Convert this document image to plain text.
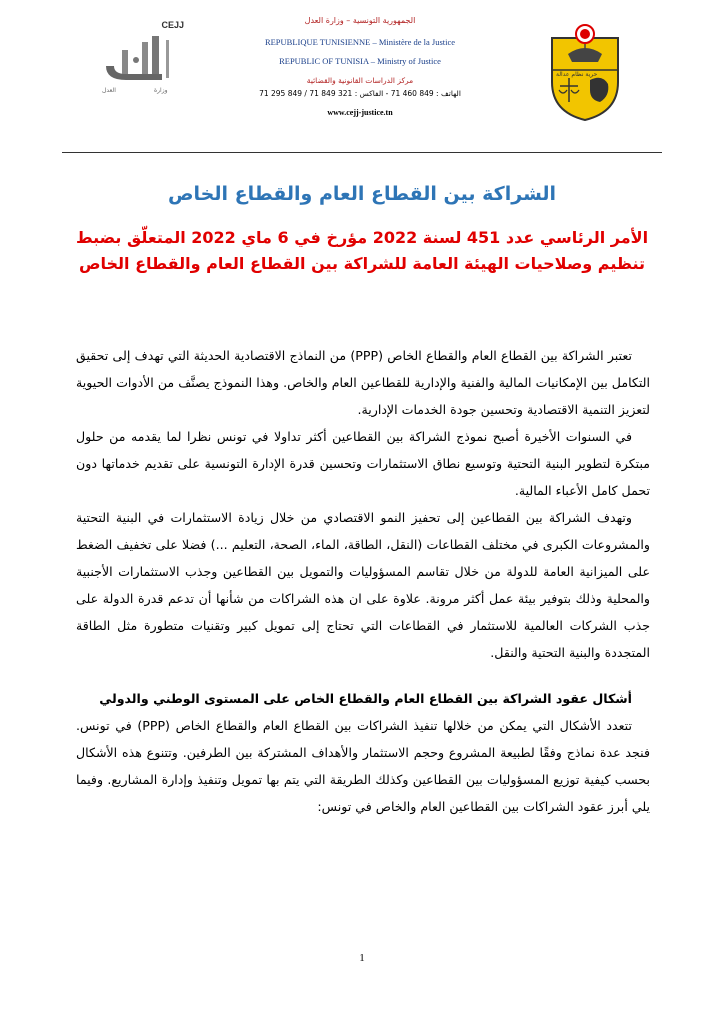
CEJJ
العدل	وزارة
الجمهورية التونسية – وزارة العدل
REPUBLIQUE TUNISIENNE – Ministère de la Justice
REPUBLIC OF TUNISIA – Ministry of Justice
مركز الدراسات القانونية والقضائية
الهاتف : 849 460 71 - الفاكس : 321 849 71 / 849 295 71
www.cejj-justice.tn
حرية نظام عدالة
الشراكة بين القطاع العام والقطاع الخاص
الأمر الرئاسي عدد 451 لسنة 2022 مؤرخ في 6 ماي 2022 المتعلّق بضبط
تنظيم وصلاحيات الهيئة العامة للشراكة بين القطاع العام والقطاع الخاص

تعتبر الشراكة بين القطاع العام والقطاع الخاص (PPP) من النماذج الاقتصادية الحديثة التي تهدف إلى تحقيق التكامل بين الإمكانيات المالية والفنية والإدارية للقطاعين العام والخاص. وهذا النموذج يصنَّف من الأدوات الحيوية لتعزيز التنمية الاقتصادية وتحسين جودة الخدمات الإدارية.

في السنوات الأخيرة أصبح نموذج الشراكة بين القطاعين أكثر تداولا في تونس نظرا لما يقدمه من حلول مبتكرة لتطوير البنية التحتية وتوسيع نطاق الاستثمارات وتحسين قدرة الإدارة التونسية على تقديم خدماتها دون تحمل كامل الأعباء المالية.

وتهدف الشراكة بين القطاعين إلى تحفيز النمو الاقتصادي من خلال زيادة الاستثمارات في البنية التحتية والمشروعات الكبرى في مختلف القطاعات (النقل، الطاقة، الماء، الصحة، التعليم ...) فضلا على تخفيف الضغط على الميزانية العامة للدولة من خلال تقاسم المسؤوليات والتمويل بين القطاعين وجذب الاستثمارات الأجنبية والمحلية وذلك بتوفير بيئة عمل أكثر مرونة. علاوة على ان هذه الشراكات من شأنها أن تدعم قدرة الدولة على جذب الشركات العالمية للاستثمار في القطاعات التي تحتاج إلى تمويل كبير وتقنيات متطورة مثل الطاقة المتجددة والبنية التحتية والنقل.

أشكال عقود الشراكة بين القطاع العام والقطاع الخاص على المستوى الوطني والدولي

تتعدد الأشكال التي يمكن من خلالها تنفيذ الشراكات بين القطاع العام والقطاع الخاص (PPP) في تونس. فنجد عدة نماذج وفقًا لطبيعة المشروع وحجم الاستثمار والأهداف المشتركة بين الطرفين. وتتنوع هذه الأشكال بحسب كيفية توزيع المسؤوليات بين القطاعين وكذلك الطريقة التي يتم بها تمويل وتنفيذ وإدارة المشاريع. وفيما يلي أبرز عقود الشراكات بين القطاعين العام والخاص في تونس:

1
